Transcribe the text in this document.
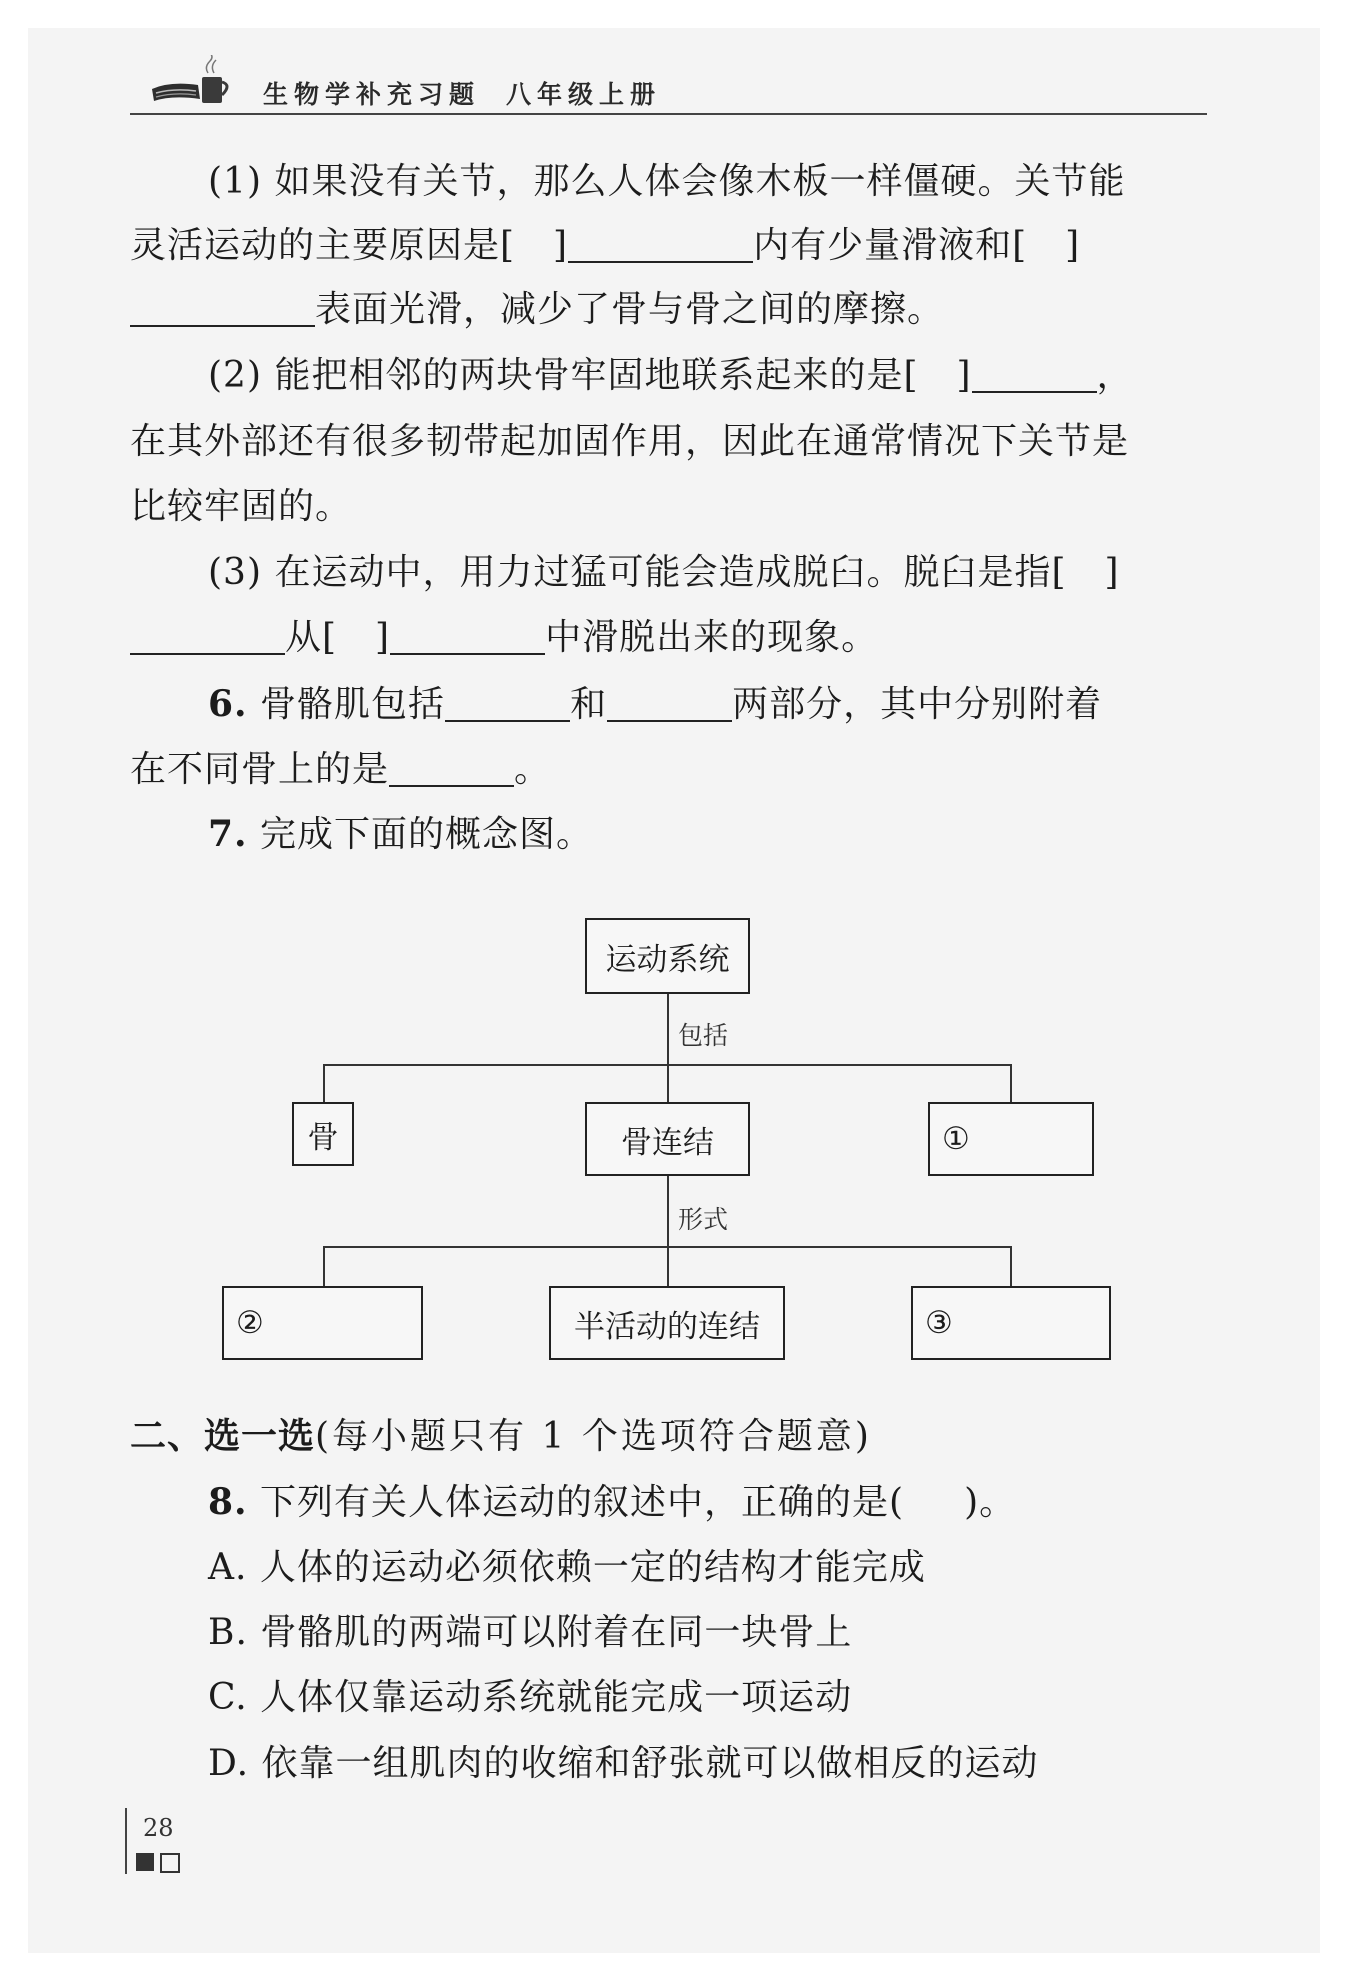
生物学补充习题 八年级上册
(1) 如果没有关节，那么人体会像木板一样僵硬。关节能
灵活运动的主要原因是[ ]	内有少量滑液和[ ]
表面光滑，减少了骨与骨之间的摩擦。
(2) 能把相邻的两块骨牢固地联系起来的是[ ]	，
在其外部还有很多韧带起加固作用，因此在通常情况下关节是
比较牢固的。
(3) 在运动中，用力过猛可能会造成脱臼。脱臼是指[ ]
从[ ]	中滑脱出来的现象。
6. 骨骼肌包括	和	两部分，其中分别附着
在不同骨上的是	。
7. 完成下面的概念图。
运动系统
包括
骨	骨连结	①
形式
②	半活动的连结	③
二、选一选(每小题只有 1 个选项符合题意)
8. 下列有关人体运动的叙述中，正确的是( )。
A. 人体的运动必须依赖一定的结构才能完成
B. 骨骼肌的两端可以附着在同一块骨上
C. 人体仅靠运动系统就能完成一项运动
D. 依靠一组肌肉的收缩和舒张就可以做相反的运动
28
